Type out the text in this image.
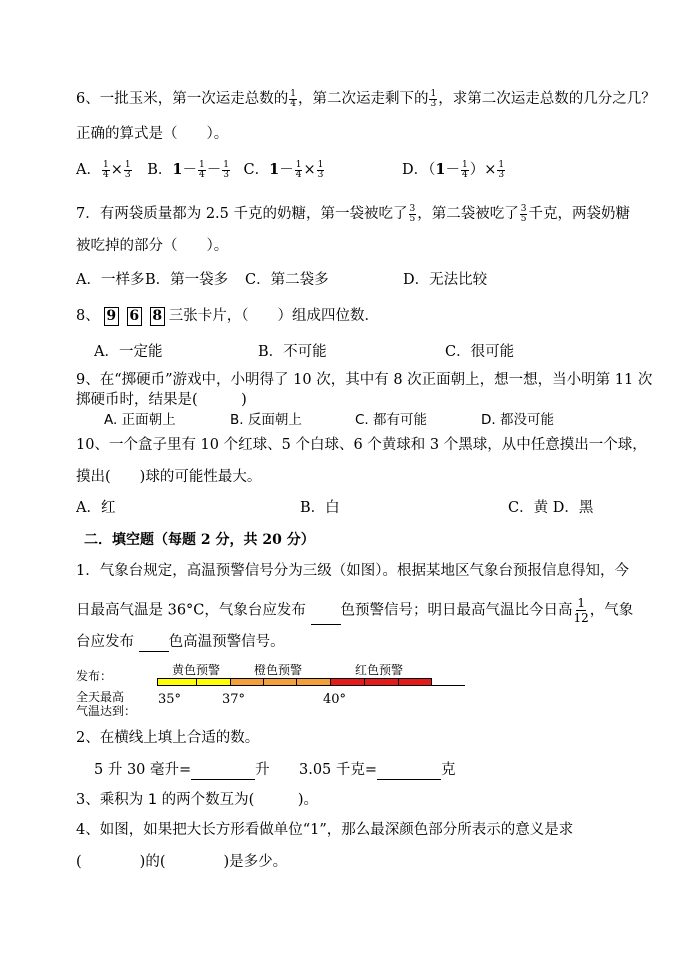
6、一批玉米，第一次运走总数的 $\frac{1}{4}$ ，第二次运走剩下的 $\frac{1}{3}$ ，求第二次运走总数的几分之几？
正确的算式是（　　）。
A． $\frac{1}{4} \times \frac{1}{3}$ B．$1- \frac{1}{4} - \frac{1}{3}$ C．$1- \frac{1}{4} \times \frac{1}{3}$	D．（$1- \frac{1}{4}$ ）× $\frac{1}{3}$
7．有两袋质量都为 2.5 千克的奶糖，第一袋被吃了 $\frac{3}{5}$ ，第二袋被吃了 $\frac{3}{5}$ 千克，两袋奶糖
被吃掉的部分（　　）。
A．一样多 B．第一袋多 C．第二袋多	D．无法比较
8、 9 6 8 三张卡片，（　　）组成四位数．
A．一定能	B．不可能	C．很可能
9、在“掷硬币”游戏中，小明得了 10 次，其中有 8 次正面朝上，想一想，当小明第 11 次
掷硬币时，结果是(　　　)
A. 正面朝上	B. 反面朝上	C. 都有可能	D. 都没可能
10、一个盒子里有 10 个红球、5 个白球、6 个黄球和 3 个黑球，从中任意摸出一个球，
摸出(　　)球的可能性最大。
A．红	B．白	C．黄 D．黑
二．填空题（每题 2 分，共 20 分）
1．气象台规定，高温预警信号分为三级（如图）。根据某地区气象台预报信息得知，今
日最高气温是 36°C，气象台应发布 色预警信号；明日最高气温比今日高 $\frac{1}{12}$ ，气象
台应发布 色高温预警信号。
发布：	黄色预警	橙色预警	红色预警
全天最高
气温达到：
35°	37°	40°
2、在横线上填上合适的数。
5 升 30 毫升=	升 3.05 千克=	克
3、乘积为 1 的两个数互为(　　　)。
4、如图，如果把大长方形看做单位“1”，那么最深颜色部分所表示的意义是求
(　　　　)的(	)是多少。
